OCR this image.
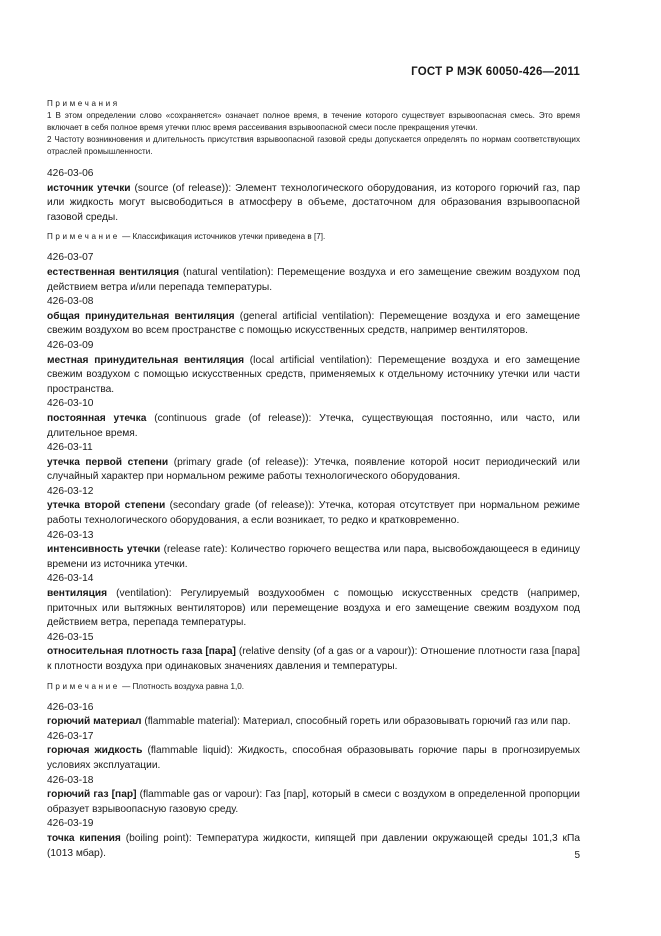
ГОСТ Р МЭК 60050-426—2011

Примечания

1 В этом определении слово «сохраняется» означает полное время, в течение которого существует взрывоопасная смесь. Это время включает в себя полное время утечки плюс время рассеивания взрывоопасной смеси после прекращения утечки.

2 Частоту возникновения и длительность присутствия взрывоопасной газовой среды допускается определять по нормам соответствующих отраслей промышленности.

426-03-06

источник утечки (source (of release)): Элемент технологического оборудования, из которого горючий газ, пар или жидкость могут высвободиться в атмосферу в объеме, достаточном для образования взрывоопасной газовой среды.

Примечание — Классификация источников утечки приведена в [7].

426-03-07

естественная вентиляция (natural ventilation): Перемещение воздуха и его замещение свежим воздухом под действием ветра и/или перепада температуры.

426-03-08

общая принудительная вентиляция (general artificial ventilation): Перемещение воздуха и его замещение свежим воздухом во всем пространстве с помощью искусственных средств, например вентиляторов.

426-03-09

местная принудительная вентиляция (local artificial ventilation): Перемещение воздуха и его замещение свежим воздухом с помощью искусственных средств, применяемых к отдельному источнику утечки или части пространства.

426-03-10

постоянная утечка (continuous grade (of release)): Утечка, существующая постоянно, или часто, или длительное время.

426-03-11

утечка первой степени (primary grade (of release)): Утечка, появление которой носит периодический или случайный характер при нормальном режиме работы технологического оборудования.

426-03-12

утечка второй степени (secondary grade (of release)): Утечка, которая отсутствует при нормальном режиме работы технологического оборудования, а если возникает, то редко и кратковременно.

426-03-13

интенсивность утечки (release rate): Количество горючего вещества или пара, высвобождающееся в единицу времени из источника утечки.

426-03-14

вентиляция (ventilation): Регулируемый воздухообмен с помощью искусственных средств (например, приточных или вытяжных вентиляторов) или перемещение воздуха и его замещение свежим воздухом под действием ветра, перепада температуры.

426-03-15

относительная плотность газа [пара] (relative density (of a gas or a vapour)): Отношение плотности газа [пара] к плотности воздуха при одинаковых значениях давления и температуры.

Примечание — Плотность воздуха равна 1,0.

426-03-16

горючий материал (flammable material): Материал, способный гореть или образовывать горючий газ или пар.

426-03-17

горючая жидкость (flammable liquid): Жидкость, способная образовывать горючие пары в прогнозируемых условиях эксплуатации.

426-03-18

горючий газ [пар] (flammable gas or vapour): Газ [пар], который в смеси с воздухом в определенной пропорции образует взрывоопасную газовую среду.

426-03-19

точка кипения (boiling point): Температура жидкости, кипящей при давлении окружающей среды 101,3 кПа (1013 мбар).	5
